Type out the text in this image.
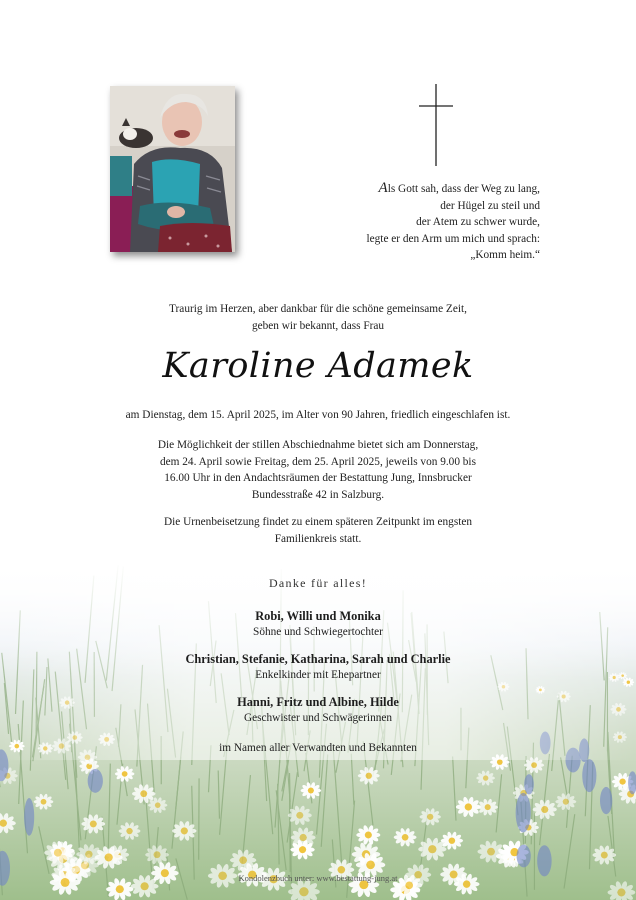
Als Gott sah, dass der Weg zu lang,
der Hügel zu steil und
der Atem zu schwer wurde,
legte er den Arm um mich und sprach:
„Komm heim.“
Traurig im Herzen, aber dankbar für die schöne gemeinsame Zeit,
geben wir bekannt, dass Frau
Karoline Adamek
am Dienstag, dem 15. April 2025, im Alter von 90 Jahren, friedlich eingeschlafen ist.
Die Möglichkeit der stillen Abschiednahme bietet sich am Donnerstag,
dem 24. April sowie Freitag, dem 25. April 2025, jeweils von 9.00 bis
16.00 Uhr in den Andachtsräumen der Bestattung Jung, Innsbrucker
Bundesstraße 42 in Salzburg.
Die Urnenbeisetzung findet zu einem späteren Zeitpunkt im engsten
Familienkreis statt.
Danke für alles!
Robi, Willi und Monika
Söhne und Schwiegertochter
Christian, Stefanie, Katharina, Sarah und Charlie
Enkelkinder mit Ehepartner
Hanni, Fritz und Albine, Hilde
Geschwister und Schwägerinnen
im Namen aller Verwandten und Bekannten
Kondolenzbuch unter: www.bestattung-jung.at
